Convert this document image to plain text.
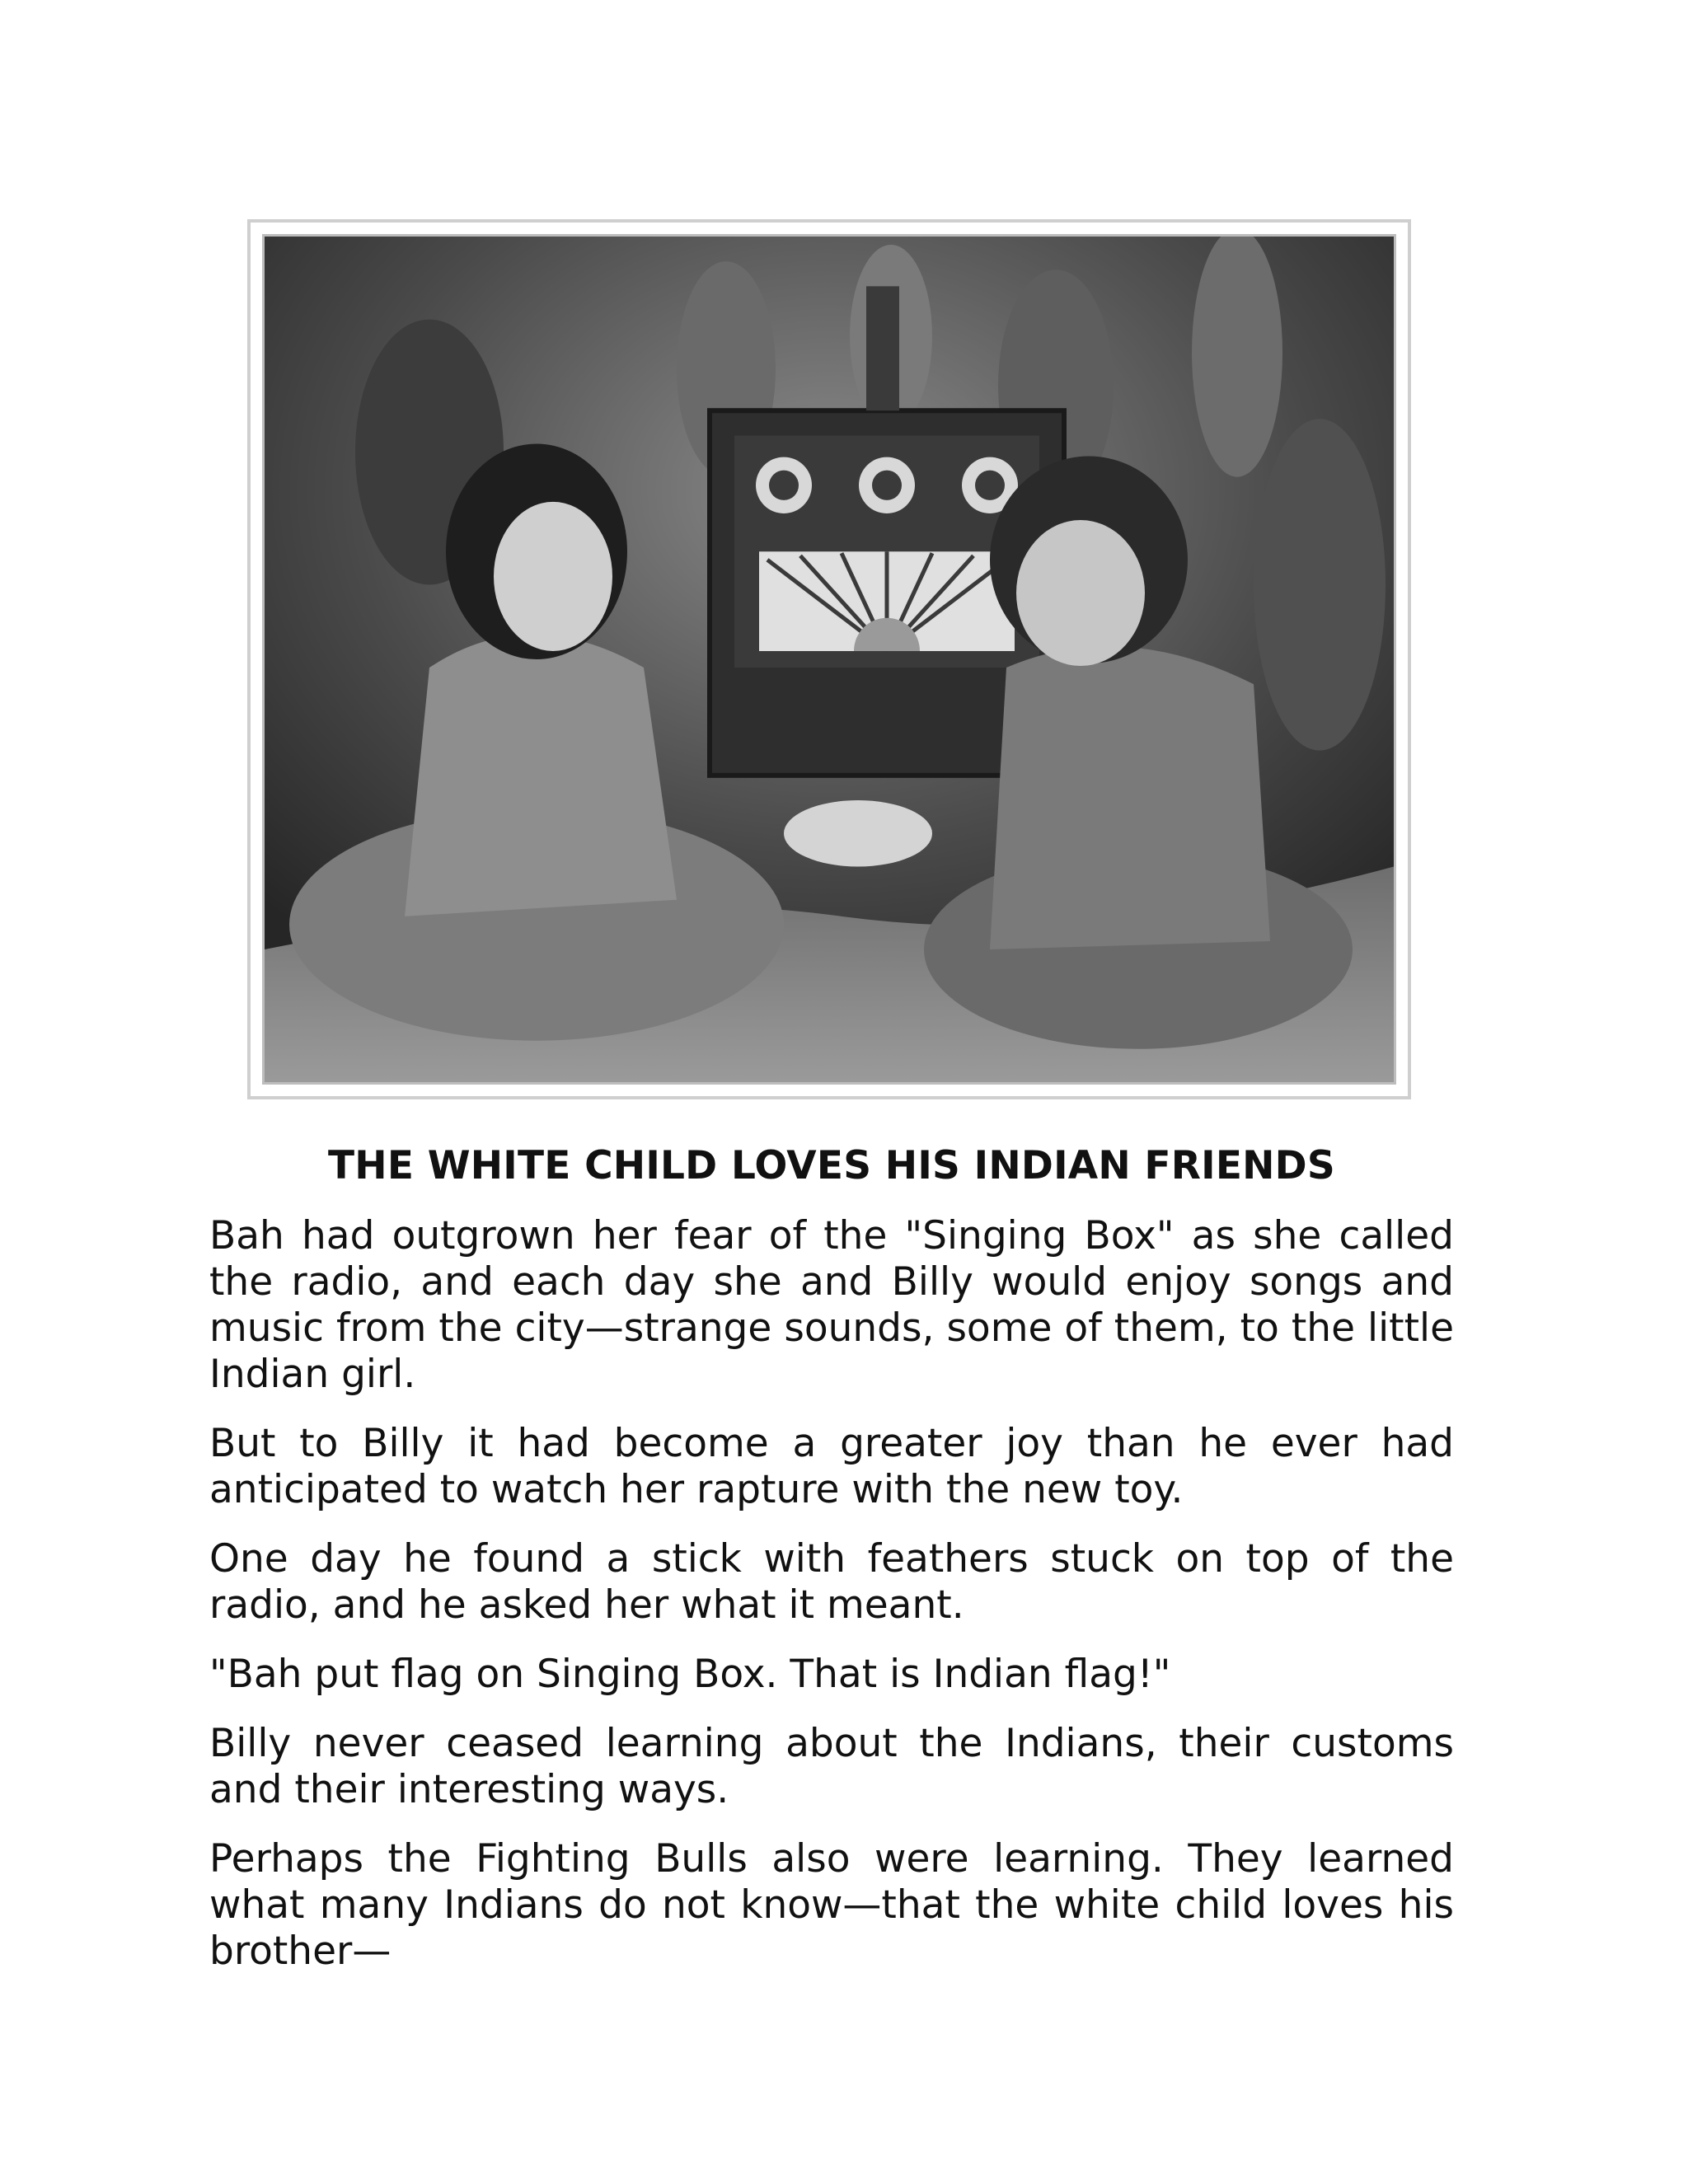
THE WHITE CHILD LOVES HIS INDIAN FRIENDS

Bah had outgrown her fear of the "Singing Box" as she called the radio, and each day she and Billy would enjoy songs and music from the city—strange sounds, some of them, to the little Indian girl.

But to Billy it had become a greater joy than he ever had anticipated to watch her rapture with the new toy.

One day he found a stick with feathers stuck on top of the radio, and he asked her what it meant.

"Bah put flag on Singing Box. That is Indian flag!"

Billy never ceased learning about the Indians, their customs and their interesting ways.

Perhaps the Fighting Bulls also were learning. They learned what many Indians do not know—that the white child loves his brother—
